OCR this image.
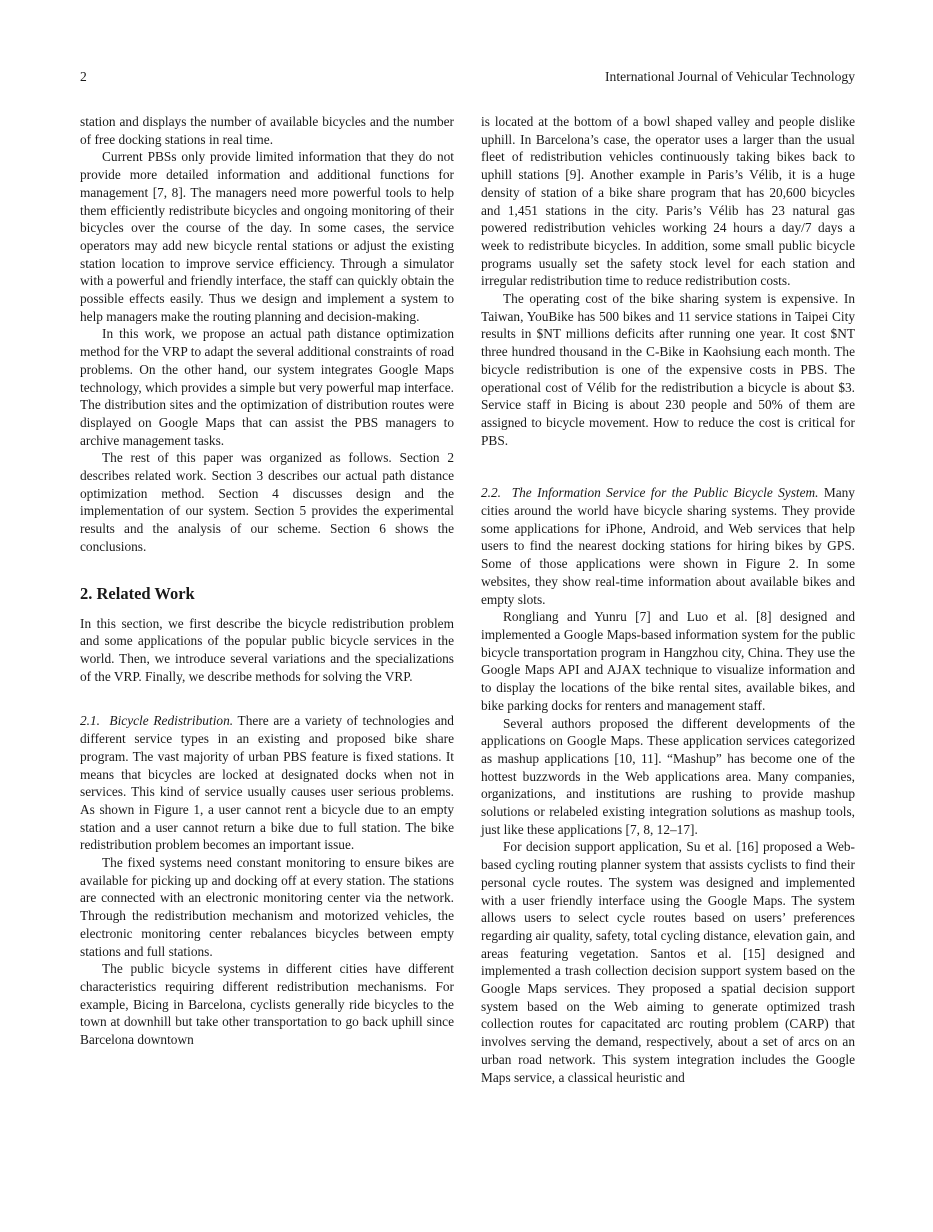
2	International Journal of Vehicular Technology

station and displays the number of available bicycles and the number of free docking stations in real time.

Current PBSs only provide limited information that they do not provide more detailed information and additional functions for management [7, 8]. The managers need more powerful tools to help them efficiently redistribute bicycles and ongoing monitoring of their bicycles over the course of the day. In some cases, the service operators may add new bicycle rental stations or adjust the existing station location to improve service efficiency. Through a simulator with a powerful and friendly interface, the staff can quickly obtain the possible effects easily. Thus we design and implement a system to help managers make the routing planning and decision-making.

In this work, we propose an actual path distance optimization method for the VRP to adapt the several additional constraints of road problems. On the other hand, our system integrates Google Maps technology, which provides a simple but very powerful map interface. The distribution sites and the optimization of distribution routes were displayed on Google Maps that can assist the PBS managers to archive management tasks.

The rest of this paper was organized as follows. Section 2 describes related work. Section 3 describes our actual path distance optimization method. Section 4 discusses design and the implementation of our system. Section 5 provides the experimental results and the analysis of our scheme. Section 6 shows the conclusions.

2. Related Work

In this section, we first describe the bicycle redistribution problem and some applications of the popular public bicycle services in the world. Then, we introduce several variations and the specializations of the VRP. Finally, we describe methods for solving the VRP.

2.1.  Bicycle Redistribution. There are a variety of technologies and different service types in an existing and proposed bike share program. The vast majority of urban PBS feature is fixed stations. It means that bicycles are locked at designated docks when not in services. This kind of service usually causes user serious problems. As shown in Figure 1, a user cannot rent a bicycle due to an empty station and a user cannot return a bike due to full station. The bike redistribution problem becomes an important issue.

The fixed systems need constant monitoring to ensure bikes are available for picking up and docking off at every station. The stations are connected with an electronic monitoring center via the network. Through the redistribution mechanism and motorized vehicles, the electronic monitoring center rebalances bicycles between empty stations and full stations.

The public bicycle systems in different cities have different characteristics requiring different redistribution mechanisms. For example, Bicing in Barcelona, cyclists generally ride bicycles to the town at downhill but take other transportation to go back uphill since Barcelona downtown

is located at the bottom of a bowl shaped valley and people dislike uphill. In Barcelona’s case, the operator uses a larger than the usual fleet of redistribution vehicles continuously taking bikes back to uphill stations [9]. Another example in Paris’s Vélib, it is a huge density of station of a bike share program that has 20,600 bicycles and 1,451 stations in the city. Paris’s Vélib has 23 natural gas powered redistribution vehicles working 24 hours a day/7 days a week to redistribute bicycles. In addition, some small public bicycle programs usually set the safety stock level for each station and irregular redistribution time to reduce redistribution costs.

The operating cost of the bike sharing system is expensive. In Taiwan, YouBike has 500 bikes and 11 service stations in Taipei City results in $NT millions deficits after running one year. It cost $NT three hundred thousand in the C-Bike in Kaohsiung each month. The bicycle redistribution is one of the expensive costs in PBS. The operational cost of Vélib for the redistribution a bicycle is about $3. Service staff in Bicing is about 230 people and 50% of them are assigned to bicycle movement. How to reduce the cost is critical for PBS.

2.2.  The Information Service for the Public Bicycle System. Many cities around the world have bicycle sharing systems. They provide some applications for iPhone, Android, and Web services that help users to find the nearest docking stations for hiring bikes by GPS. Some of those applications were shown in Figure 2. In some websites, they show real-time information about available bikes and empty slots.

Rongliang and Yunru [7] and Luo et al. [8] designed and implemented a Google Maps-based information system for the public bicycle transportation program in Hangzhou city, China. They use the Google Maps API and AJAX technique to visualize information and to display the locations of the bike rental sites, available bikes, and bike parking docks for renters and management staff.

Several authors proposed the different developments of the applications on Google Maps. These application services categorized as mashup applications [10, 11]. “Mashup” has become one of the hottest buzzwords in the Web applications area. Many companies, organizations, and institutions are rushing to provide mashup solutions or relabeled existing integration solutions as mashup tools, just like these applications [7, 8, 12–17].

For decision support application, Su et al. [16] proposed a Web-based cycling routing planner system that assists cyclists to find their personal cycle routes. The system was designed and implemented with a user friendly interface using the Google Maps. The system allows users to select cycle routes based on users’ preferences regarding air quality, safety, total cycling distance, elevation gain, and areas featuring vegetation. Santos et al. [15] designed and implemented a trash collection decision support system based on the Google Maps services. They proposed a spatial decision support system based on the Web aiming to generate optimized trash collection routes for capacitated arc routing problem (CARP) that involves serving the demand, respectively, about a set of arcs on an urban road network. This system integration includes the Google Maps service, a classical heuristic and
